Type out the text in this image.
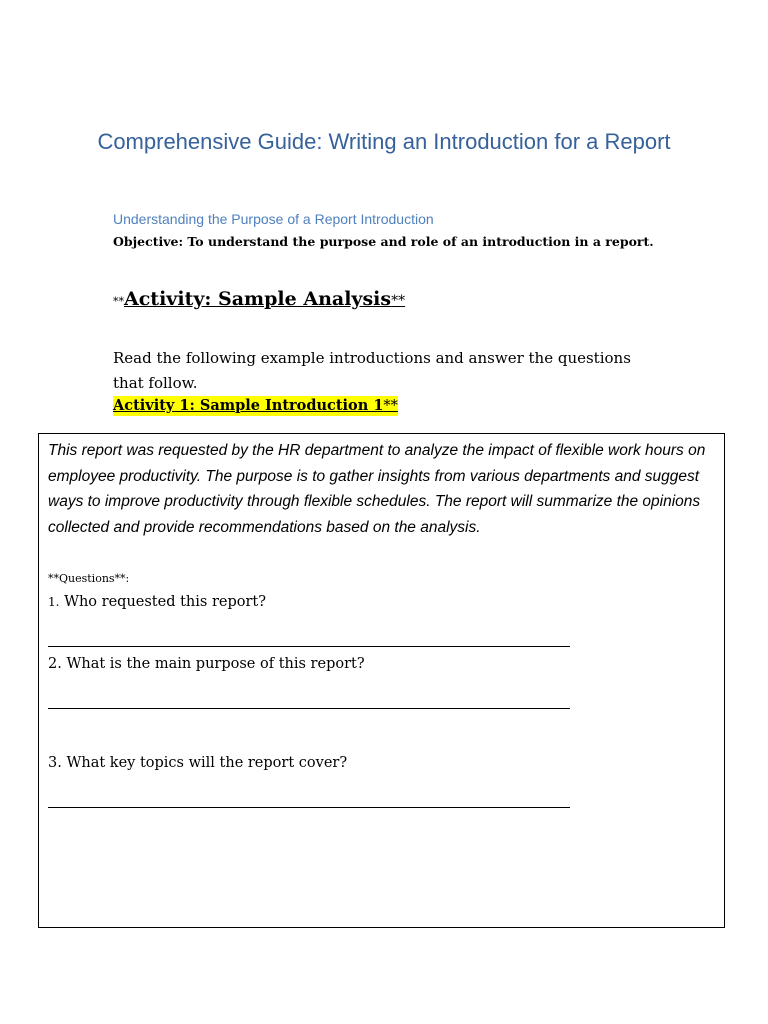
Comprehensive Guide: Writing an Introduction for a Report
Understanding the Purpose of a Report Introduction
Objective: To understand the purpose and role of an introduction in a report.
**Activity: Sample Analysis**
Read the following example introductions and answer the questions that follow.
Activity 1: Sample Introduction 1**
This report was requested by the HR department to analyze the impact of flexible work hours on employee productivity. The purpose is to gather insights from various departments and suggest ways to improve productivity through flexible schedules. The report will summarize the opinions collected and provide recommendations based on the analysis.
**Questions**:
1. Who requested this report?
2. What is the main purpose of this report?
3. What key topics will the report cover?
